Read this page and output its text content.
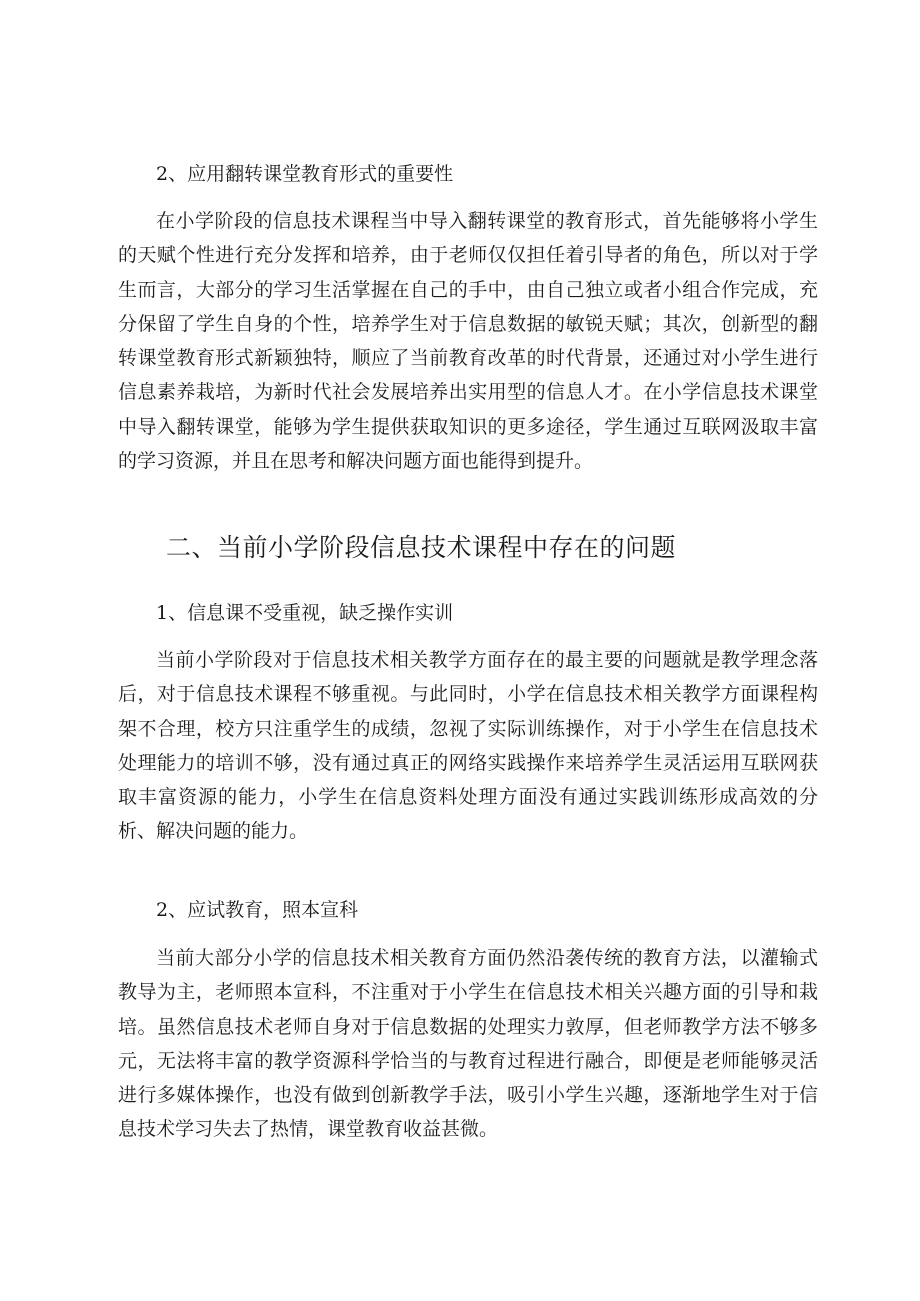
2、应用翻转课堂教育形式的重要性

在小学阶段的信息技术课程当中导入翻转课堂的教育形式，首先能够将小学生的天赋个性进行充分发挥和培养，由于老师仅仅担任着引导者的角色，所以对于学生而言，大部分的学习生活掌握在自己的手中，由自己独立或者小组合作完成，充分保留了学生自身的个性，培养学生对于信息数据的敏锐天赋；其次，创新型的翻转课堂教育形式新颖独特，顺应了当前教育改革的时代背景，还通过对小学生进行信息素养栽培，为新时代社会发展培养出实用型的信息人才。在小学信息技术课堂中导入翻转课堂，能够为学生提供获取知识的更多途径，学生通过互联网汲取丰富的学习资源，并且在思考和解决问题方面也能得到提升。

二、当前小学阶段信息技术课程中存在的问题
1、信息课不受重视，缺乏操作实训

当前小学阶段对于信息技术相关教学方面存在的最主要的问题就是教学理念落后，对于信息技术课程不够重视。与此同时，小学在信息技术相关教学方面课程构架不合理，校方只注重学生的成绩，忽视了实际训练操作，对于小学生在信息技术处理能力的培训不够，没有通过真正的网络实践操作来培养学生灵活运用互联网获取丰富资源的能力，小学生在信息资料处理方面没有通过实践训练形成高效的分析、解决问题的能力。

2、应试教育，照本宣科

当前大部分小学的信息技术相关教育方面仍然沿袭传统的教育方法，以灌输式教导为主，老师照本宣科，不注重对于小学生在信息技术相关兴趣方面的引导和栽培。虽然信息技术老师自身对于信息数据的处理实力敦厚，但老师教学方法不够多元，无法将丰富的教学资源科学恰当的与教育过程进行融合，即便是老师能够灵活进行多媒体操作，也没有做到创新教学手法，吸引小学生兴趣，逐渐地学生对于信息技术学习失去了热情，课堂教育收益甚微。
